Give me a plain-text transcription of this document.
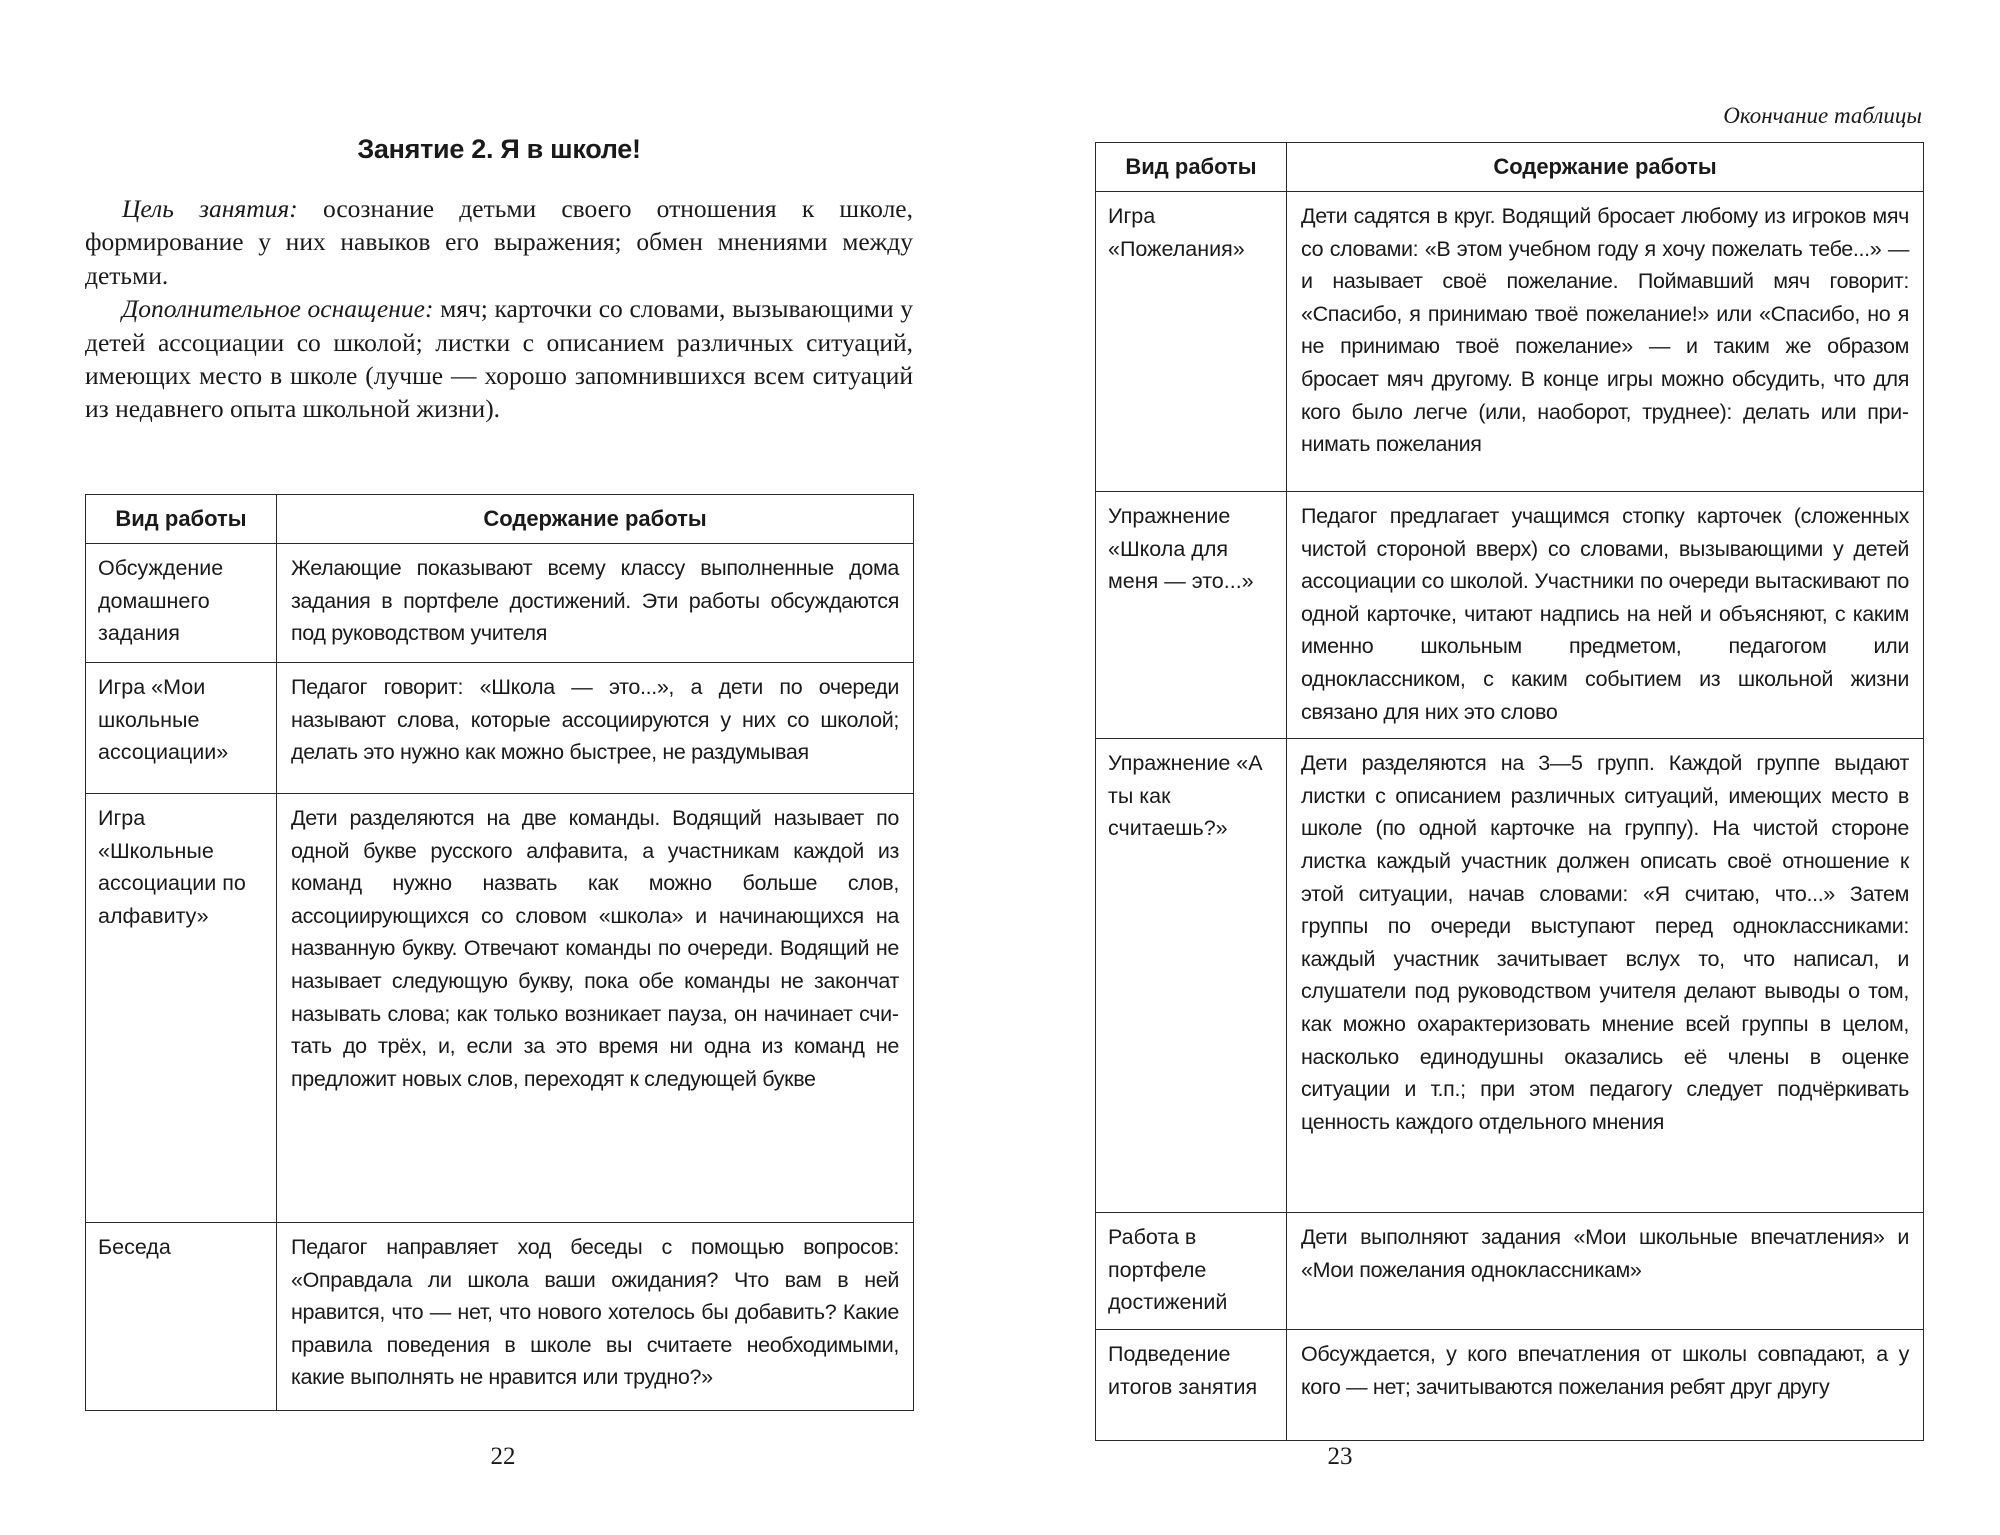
Занятие 2. Я в школе!

Цель занятия: осознание детьми своего отношения к школе, формирование у них навыков его выражения; обмен мнениями между детьми.

Дополнительное оснащение: мяч; карточки со словами, вызывающими у детей ассоциации со школой; листки с описанием различных ситуаций, имеющих место в школе (лучше — хорошо запомнившихся всем ситуаций из недавнего опыта школьной жизни).

Вид работы	Содержание работы
Обсуждение домашнего задания	Желающие показывают всему классу выполненные дома задания в портфеле достижений. Эти работы обсуждаются под руководством учителя
Игра «Мои школьные ассоциации»	Педагог говорит: «Школа — это...», а дети по очереди называют слова, которые ассоциируются у них со школой; делать это нужно как можно быстрее, не раздумывая
Игра «Школьные ассоциации по алфавиту»	Дети разделяются на две команды. Водящий называет по одной букве русского алфавита, а участникам каждой из команд нужно назвать как можно больше слов, ассоциирующихся со словом «школа» и начинающихся на названную букву. Отвечают команды по очереди. Водящий не называет следующую букву, пока обе команды не закончат называть слова; как только возникает пауза, он начинает считать до трёх, и, если за это время ни одна из команд не предложит новых слов, переходят к следующей букве
Беседа	Педагог направляет ход беседы с помощью вопросов: «Оправдала ли школа ваши ожидания? Что вам в ней нравится, что — нет, что нового хотелось бы добавить? Какие правила поведения в школе вы считаете необходимыми, какие выполнять не нравится или трудно?»

22

Окончание таблицы

Вид работы	Содержание работы
Игра «Пожелания»	Дети садятся в круг. Водящий бросает любому из игроков мяч со словами: «В этом учебном году я хочу пожелать тебе...» — и называет своё пожелание. Поймавший мяч говорит: «Спасибо, я принимаю твоё пожелание!» или «Спасибо, но я не принимаю твоё пожелание» — и таким же образом бросает мяч другому. В конце игры можно обсудить, что для кого было легче (или, наоборот, труднее): делать или принимать пожелания
Упражнение «Школа для меня — это...»	Педагог предлагает учащимся стопку карточек (сложенных чистой стороной вверх) со словами, вызывающими у детей ассоциации со школой. Участники по очереди вытаскивают по одной карточке, читают надпись на ней и объясняют, с каким именно школьным предметом, педагогом или одноклассником, с каким событием из школьной жизни связано для них это слово
Упражнение «А ты как считаешь?»	Дети разделяются на 3—5 групп. Каждой группе выдают листки с описанием различных ситуаций, имеющих место в школе (по одной карточке на группу). На чистой стороне листка каждый участник должен описать своё отношение к этой ситуации, начав словами: «Я считаю, что...» Затем группы по очереди выступают перед одноклассниками: каждый участник зачитывает вслух то, что написал, и слушатели под руководством учителя делают выводы о том, как можно охарактеризовать мнение всей группы в целом, насколько единодушны оказались её члены в оценке ситуации и т.п.; при этом педагогу следует подчёркивать ценность каждого отдельного мнения
Работа в портфеле достижений	Дети выполняют задания «Мои школьные впечатления» и «Мои пожелания одноклассникам»
Подведение итогов занятия	Обсуждается, у кого впечатления от школы совпадают, а у кого — нет; зачитываются пожелания ребят друг другу

23
